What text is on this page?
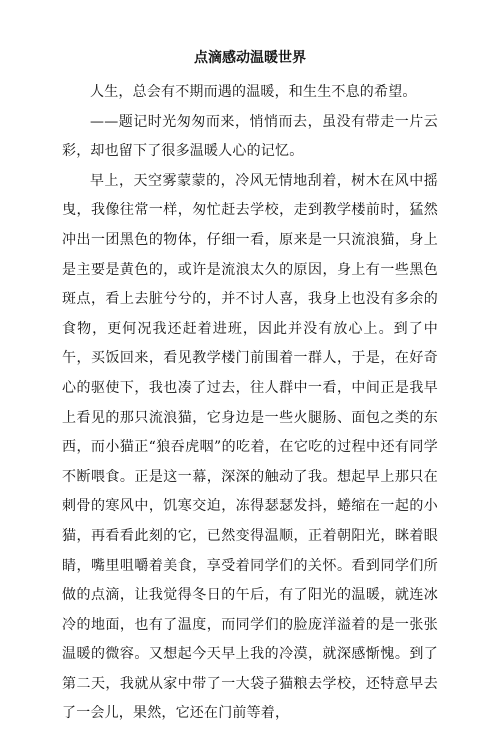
点滴感动温暖世界

人生，总会有不期而遇的温暖，和生生不息的希望。

——题记时光匆匆而来，悄悄而去，虽没有带走一片云彩，却也留下了很多温暖人心的记忆。

早上，天空雾蒙蒙的，冷风无情地刮着，树木在风中摇曳，我像往常一样，匆忙赶去学校，走到教学楼前时，猛然冲出一团黑色的物体，仔细一看，原来是一只流浪猫，身上是主要是黄色的，或许是流浪太久的原因，身上有一些黑色斑点，看上去脏兮兮的，并不讨人喜，我身上也没有多余的食物，更何况我还赶着进班，因此并没有放心上。到了中午，买饭回来，看见教学楼门前围着一群人，于是，在好奇心的驱使下，我也凑了过去，往人群中一看，中间正是我早上看见的那只流浪猫，它身边是一些火腿肠、面包之类的东西，而小猫正“狼吞虎咽”的吃着，在它吃的过程中还有同学不断喂食。正是这一幕，深深的触动了我。想起早上那只在刺骨的寒风中，饥寒交迫，冻得瑟瑟发抖，蜷缩在一起的小猫，再看看此刻的它，已然变得温顺，正着朝阳光，眯着眼睛，嘴里咀嚼着美食，享受着同学们的关怀。看到同学们所做的点滴，让我觉得冬日的午后，有了阳光的温暖，就连冰冷的地面，也有了温度，而同学们的脸庞洋溢着的是一张张温暖的微容。又想起今天早上我的冷漠，就深感惭愧。到了第二天，我就从家中带了一大袋子猫粮去学校，还特意早去了一会儿，果然，它还在门前等着，
